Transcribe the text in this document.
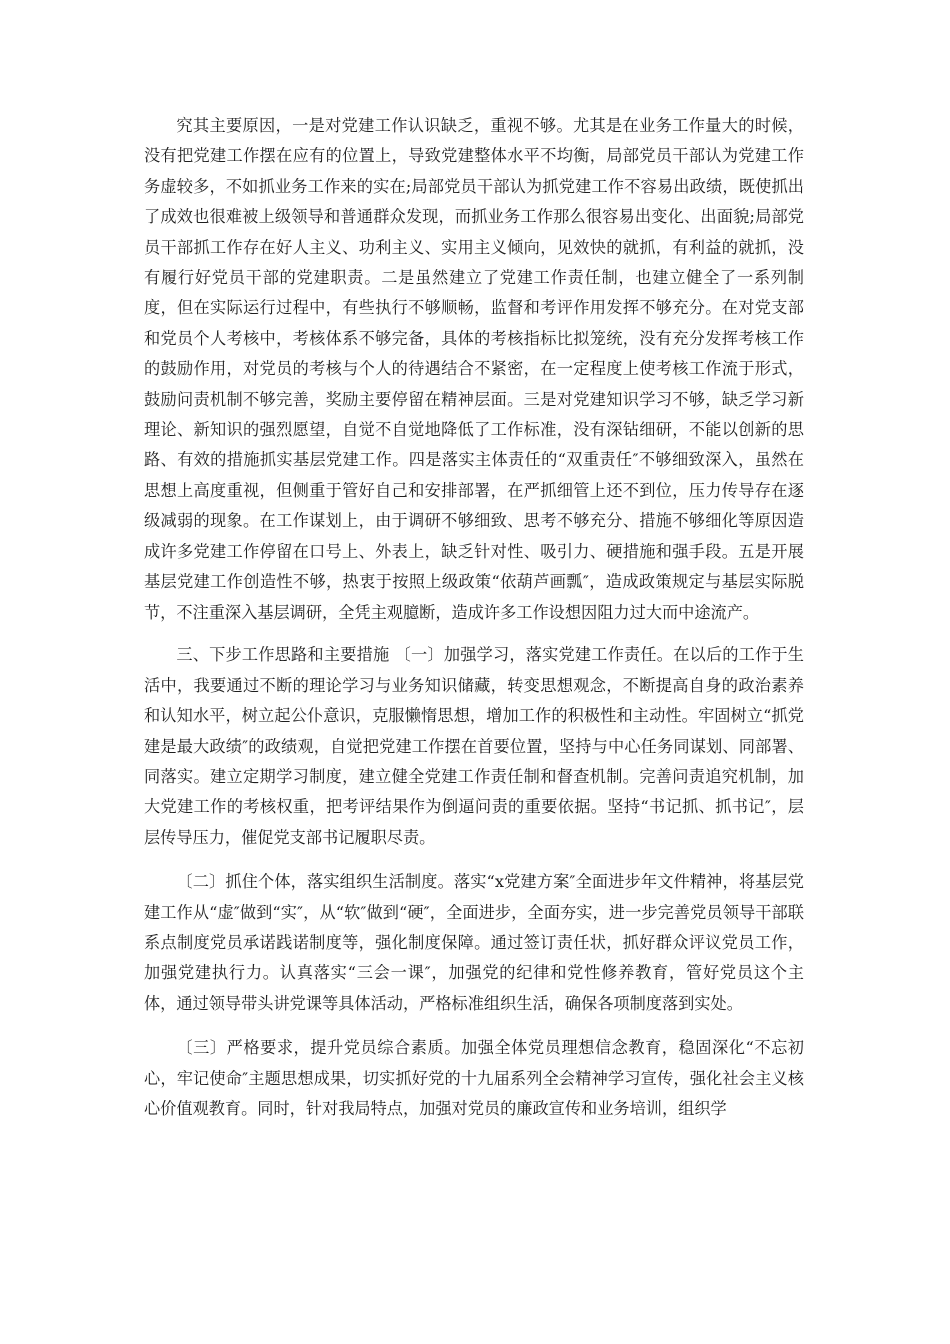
究其主要原因，一是对党建工作认识缺乏，重视不够。尤其是在业务工作量大的时候，没有把党建工作摆在应有的位置上，导致党建整体水平不均衡，局部党员干部认为党建工作务虚较多，不如抓业务工作来的实在;局部党员干部认为抓党建工作不容易出政绩，既使抓出了成效也很难被上级领导和普通群众发现，而抓业务工作那么很容易出变化、出面貌;局部党员干部抓工作存在好人主义、功利主义、实用主义倾向，见效快的就抓，有利益的就抓，没有履行好党员干部的党建职责。二是虽然建立了党建工作责任制，也建立健全了一系列制度，但在实际运行过程中，有些执行不够顺畅，监督和考评作用发挥不够充分。在对党支部和党员个人考核中，考核体系不够完备，具体的考核指标比拟笼统，没有充分发挥考核工作的鼓励作用，对党员的考核与个人的待遇结合不紧密，在一定程度上使考核工作流于形式，鼓励问责机制不够完善，奖励主要停留在精神层面。三是对党建知识学习不够，缺乏学习新理论、新知识的强烈愿望，自觉不自觉地降低了工作标准，没有深钻细研，不能以创新的思路、有效的措施抓实基层党建工作。四是落实主体责任的“双重责任″不够细致深入，虽然在思想上高度重视，但侧重于管好自己和安排部署，在严抓细管上还不到位，压力传导存在逐级减弱的现象。在工作谋划上，由于调研不够细致、思考不够充分、措施不够细化等原因造成许多党建工作停留在口号上、外表上，缺乏针对性、吸引力、硬措施和强手段。五是开展基层党建工作创造性不够，热衷于按照上级政策“依葫芦画瓢″，造成政策规定与基层实际脱节，不注重深入基层调研，全凭主观臆断，造成许多工作设想因阻力过大而中途流产。

三、下步工作思路和主要措施 〔一〕加强学习，落实党建工作责任。在以后的工作于生活中，我要通过不断的理论学习与业务知识储藏，转变思想观念，不断提高自身的政治素养和认知水平，树立起公仆意识，克服懒惰思想，增加工作的积极性和主动性。牢固树立“抓党建是最大政绩″的政绩观，自觉把党建工作摆在首要位置，坚持与中心任务同谋划、同部署、同落实。建立定期学习制度，建立健全党建工作责任制和督查机制。完善问责追究机制，加大党建工作的考核权重，把考评结果作为倒逼问责的重要依据。坚持“书记抓、抓书记″，层层传导压力，催促党支部书记履职尽责。

〔二〕抓住个体，落实组织生活制度。落实“x党建方案″全面进步年文件精神，将基层党建工作从“虚″做到“实″，从“软″做到“硬″，全面进步，全面夯实，进一步完善党员领导干部联系点制度党员承诺践诺制度等，强化制度保障。通过签订责任状，抓好群众评议党员工作，加强党建执行力。认真落实“三会一课″，加强党的纪律和党性修养教育，管好党员这个主体，通过领导带头讲党课等具体活动，严格标准组织生活，确保各项制度落到实处。

〔三〕严格要求，提升党员综合素质。加强全体党员理想信念教育，稳固深化“不忘初心，牢记使命″主题思想成果，切实抓好党的十九届系列全会精神学习宣传，强化社会主义核心价值观教育。同时，针对我局特点，加强对党员的廉政宣传和业务培训，组织学
